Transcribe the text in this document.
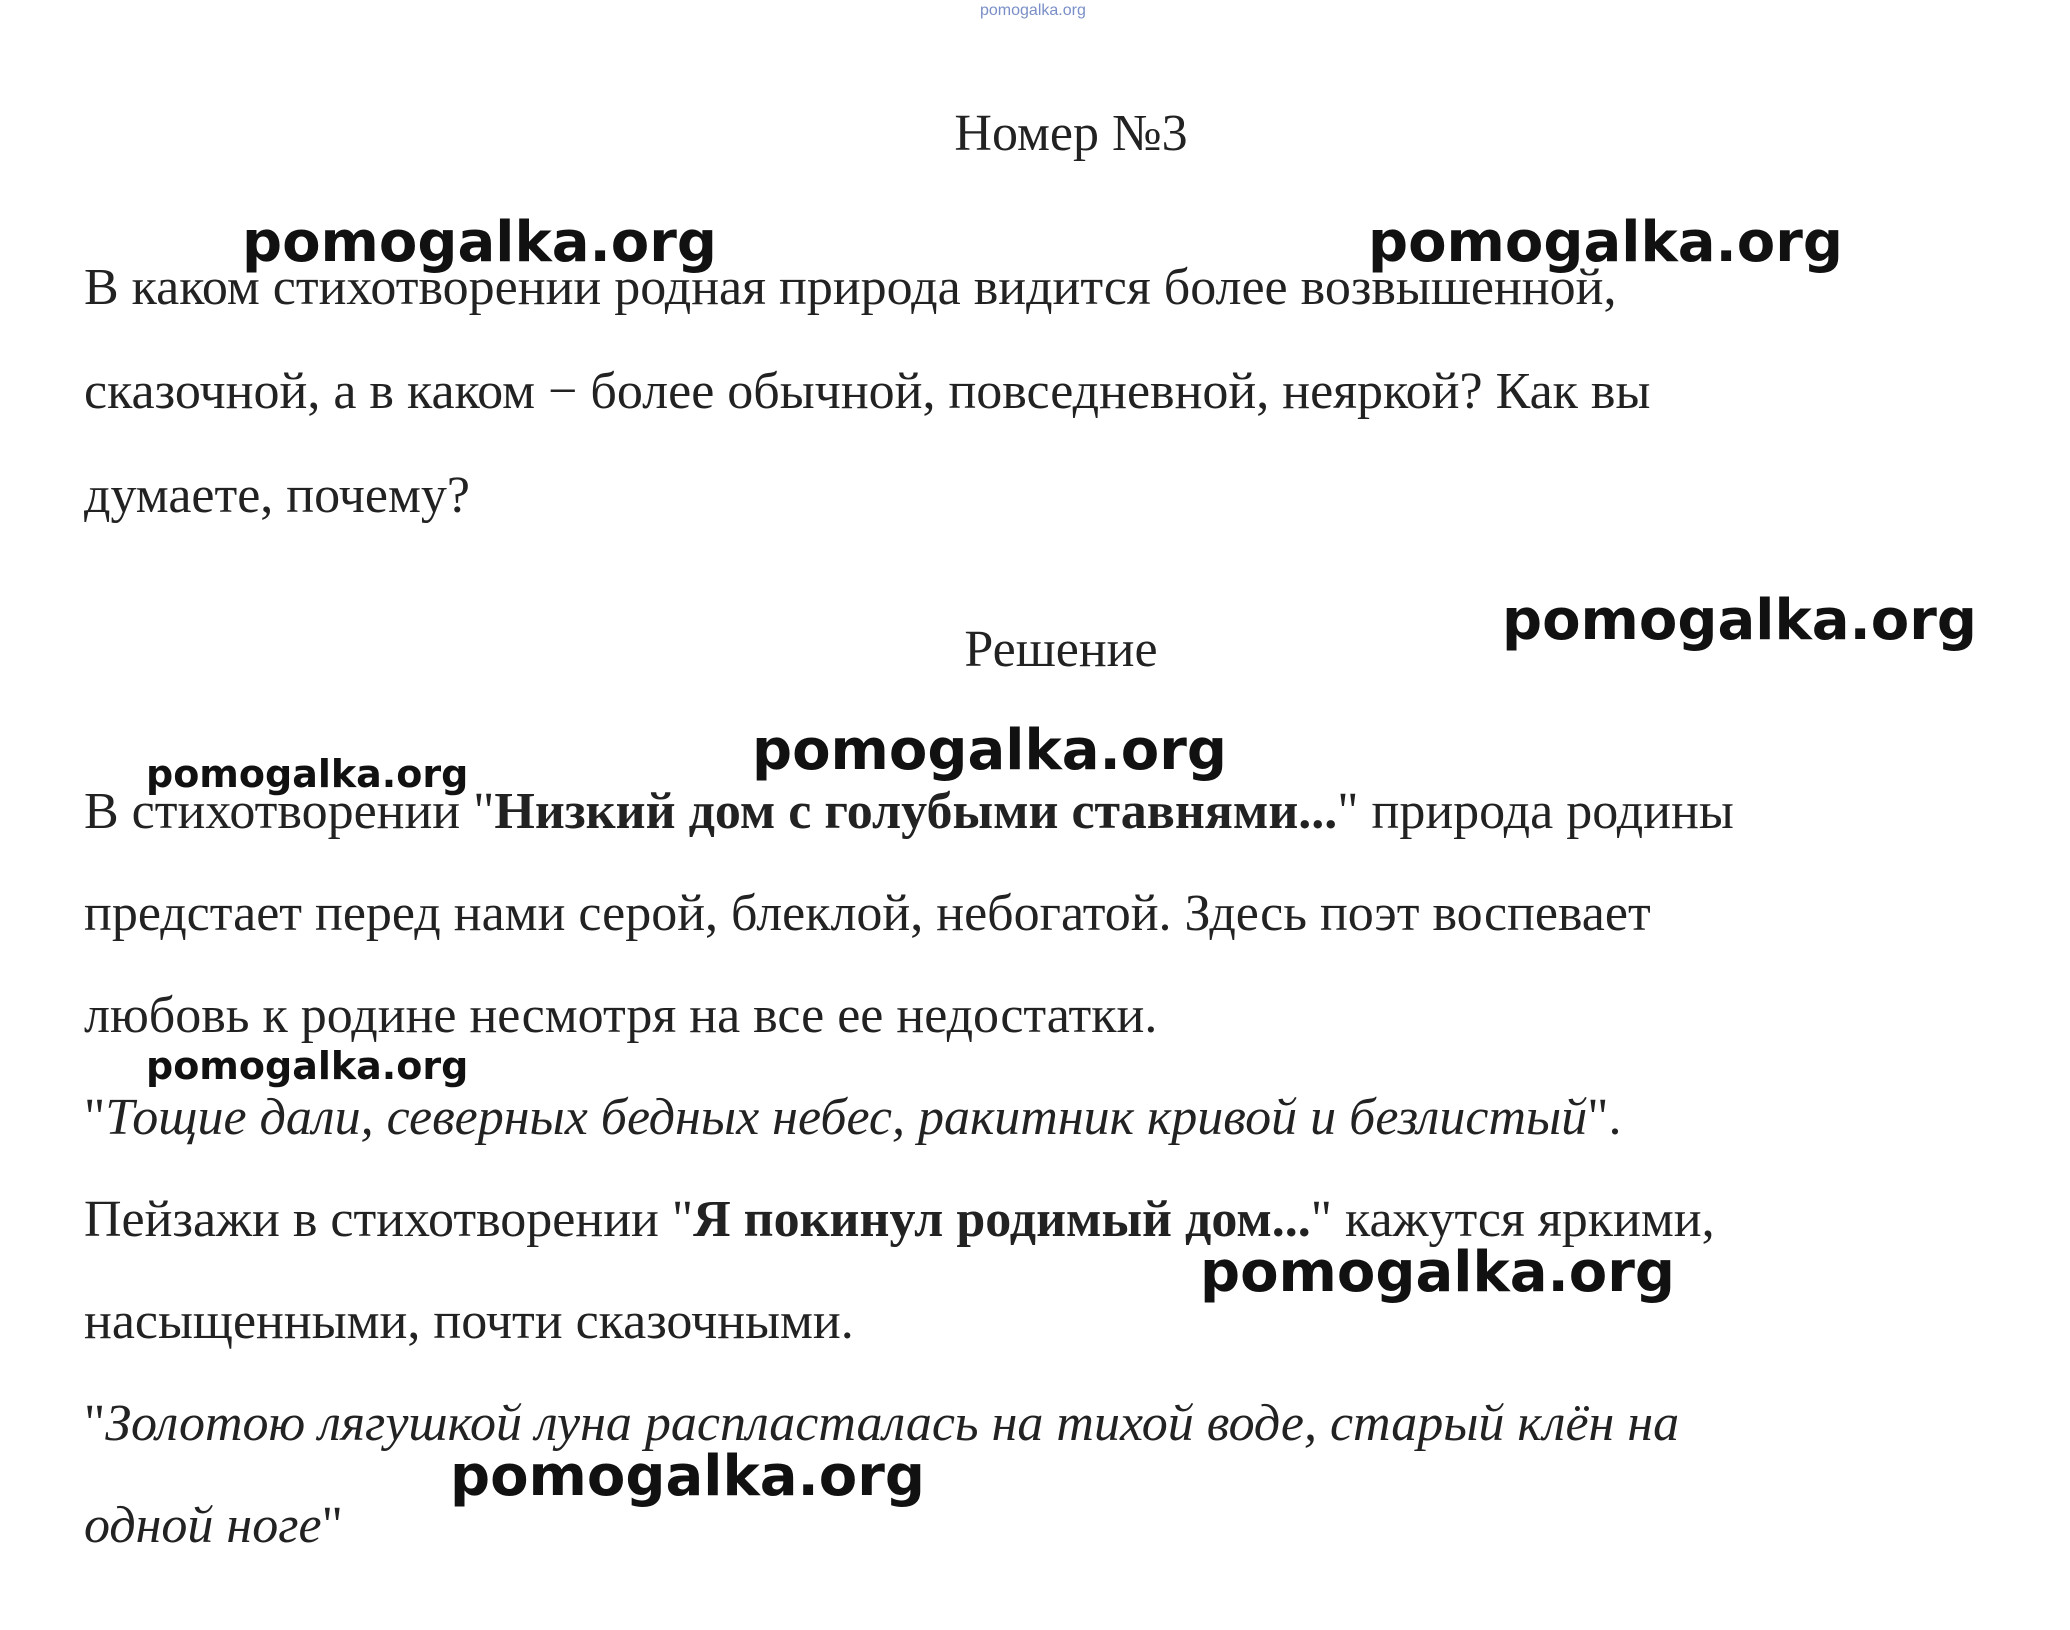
pomogalka.org
Номер №3
В каком стихотворении родная природа видится более возвышенной,
сказочной, а в каком − более обычной, повседневной, неяркой? Как вы
думаете, почему?
Решение
В стихотворении "Низкий дом с голубыми ставнями..." природа родины
предстает перед нами серой, блеклой, небогатой. Здесь поэт воспевает
любовь к родине несмотря на все ее недостатки.
"Тощие дали, северных бедных небес, ракитник кривой и безлистый".
Пейзажи в стихотворении "Я покинул родимый дом..." кажутся яркими,
насыщенными, почти сказочными.
"Золотою лягушкой луна распласталась на тихой воде, старый клён на
одной ноге"
pomogalka.org	pomogalka.org
pomogalka.org
pomogalka.org
pomogalka.org
pomogalka.org
pomogalka.org
pomogalka.org
